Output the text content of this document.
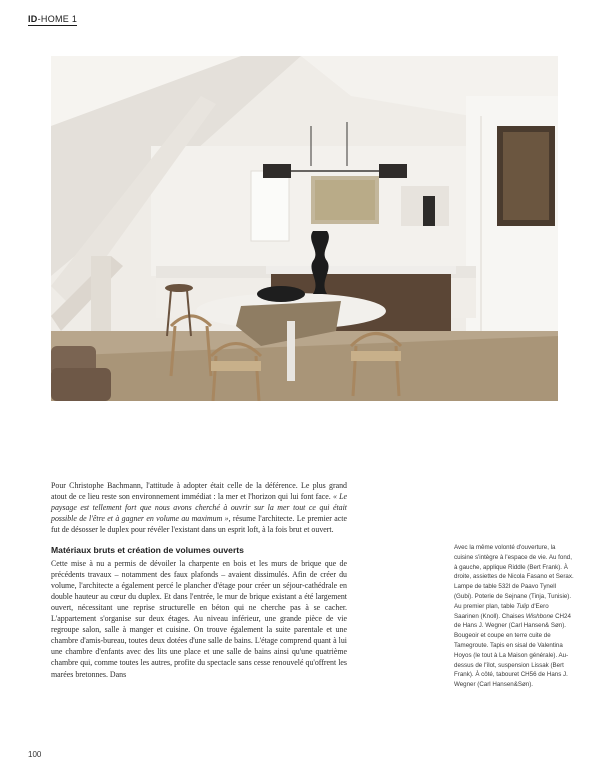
ID-HOME 1

Pour Christophe Bachmann, l'attitude à adopter était celle de la déférence. Le plus grand atout de ce lieu reste son environnement immédiat : la mer et l'horizon qui lui font face. « Le paysage est tellement fort que nous avons cherché à ouvrir sur la mer tout ce qui était possible de l'être et à gagner en volume au maximum », résume l'architecte. Le premier acte fut de désosser le duplex pour révéler l'existant dans un esprit loft, à la fois brut et ouvert.

Matériaux bruts et création de volumes ouverts

Cette mise à nu a permis de dévoiler la charpente en bois et les murs de brique que de précédents travaux – notamment des faux plafonds – avaient dissimulés. Afin de créer du volume, l'architecte a également percé le plancher d'étage pour créer un séjour-cathédrale en double hauteur au cœur du duplex. Et dans l'entrée, le mur de brique existant a été largement ouvert, nécessitant une reprise structurelle en béton qui ne cherche pas à se cacher. L'appartement s'organise sur deux étages. Au niveau inférieur, une grande pièce de vie regroupe salon, salle à manger et cuisine. On trouve également la suite parentale et une chambre d'amis-bureau, toutes deux dotées d'une salle de bains. L'étage comprend quant à lui une chambre d'enfants avec des lits une place et une salle de bains ainsi qu'une quatrième chambre qui, comme toutes les autres, profite du spectacle sans cesse renouvelé qu'offrent les marées bretonnes. Dans

Avec la même volonté d'ouverture, la cuisine s'intègre à l'espace de vie. Au fond, à gauche, applique Riddle (Bert Frank). À droite, assiettes de Nicola Fasano et Serax. Lampe de table 532I de Paavo Tynell (Gubi). Poterie de Sejnane (Tinja, Tunisie). Au premier plan, table Tulip d'Eero Saarinen (Knoll). Chaises Wishbone CH24 de Hans J. Wegner (Carl Hansen& Søn). Bougeoir et coupe en terre cuite de Tamegroute. Tapis en sisal de Valentina Hoyos (le tout à La Maison générale). Au-dessus de l'îlot, suspension Lissak (Bert Frank). À côté, tabouret CH56 de Hans J. Wegner (Carl Hansen&Søn).
100
